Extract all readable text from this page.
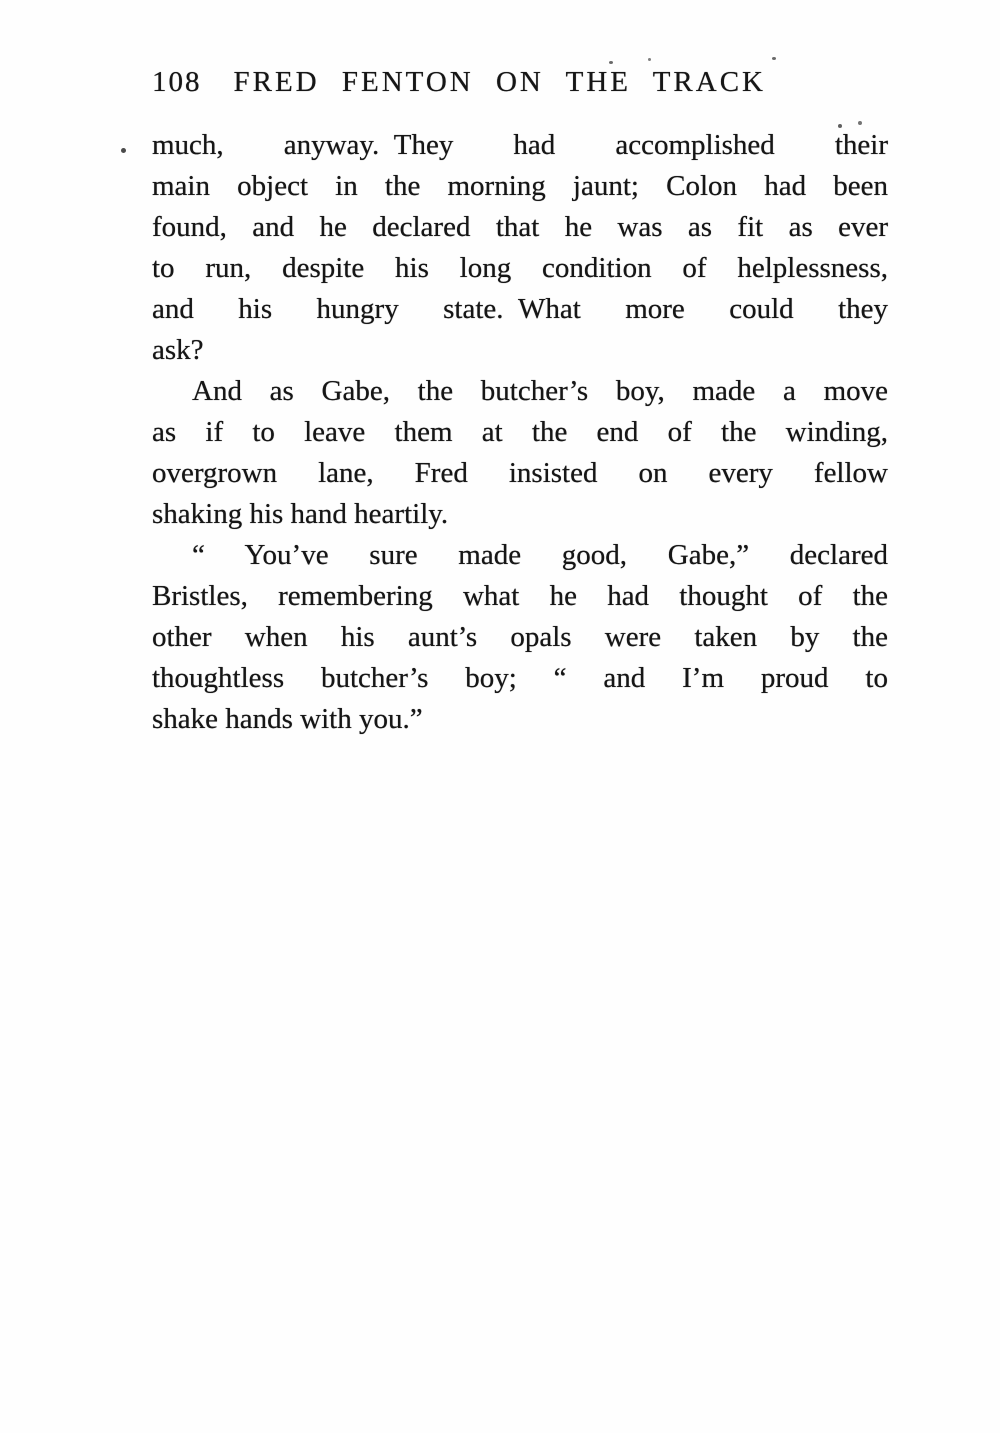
108 FRED FENTON ON THE TRACK
much, anyway. They had accomplished their
main object in the morning jaunt; Colon had been
found, and he declared that he was as fit as ever
to run, despite his long condition of helplessness,
and his hungry state. What more could they
ask?
And as Gabe, the butcher’s boy, made a move
as if to leave them at the end of the winding,
overgrown lane, Fred insisted on every fellow
shaking his hand heartily.
“ You’ve sure made good, Gabe,” declared
Bristles, remembering what he had thought of the
other when his aunt’s opals were taken by the
thoughtless butcher’s boy; “ and I’m proud to
shake hands with you.”
